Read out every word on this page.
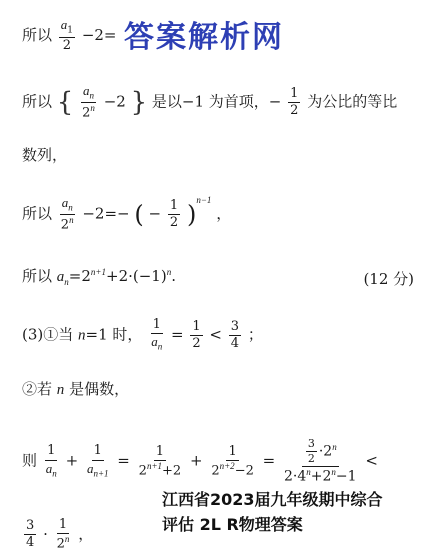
答案解析网
所以 $\frac{a_1}{2} -2=$
所以 { $\frac{a_n}{2^n} -2$ } 是以−1 为首项，− $\frac{1}{2}$ 为公比的等比
数列，
所以 $\frac{a_n}{2^n} -2=-$ ( − $\frac{1}{2} )^{n-1}$ ，
所以 $a_n=2^{n+1}+2\cdot(-1)^n$.	(12 分)
(3)①当 n=1 时， $\frac{1}{a_n} = \frac{1}{2} < \frac{3}{4}$ ；
②若 n 是偶数，
则 $\frac{1}{a_n} + \frac{1}{a_{n+1}} = \frac{1}{2^{n+1}+2} + \frac{1}{2^{n+2}-2} = \frac{\frac{3}{2} \cdot 2^n}{2\cdot 4^n+2^n-1}$ <
$\frac{3}{4} \cdot \frac{1}{2^n}$ ，
江西省2023届九年级期中综合
评估 2L R物理答案
